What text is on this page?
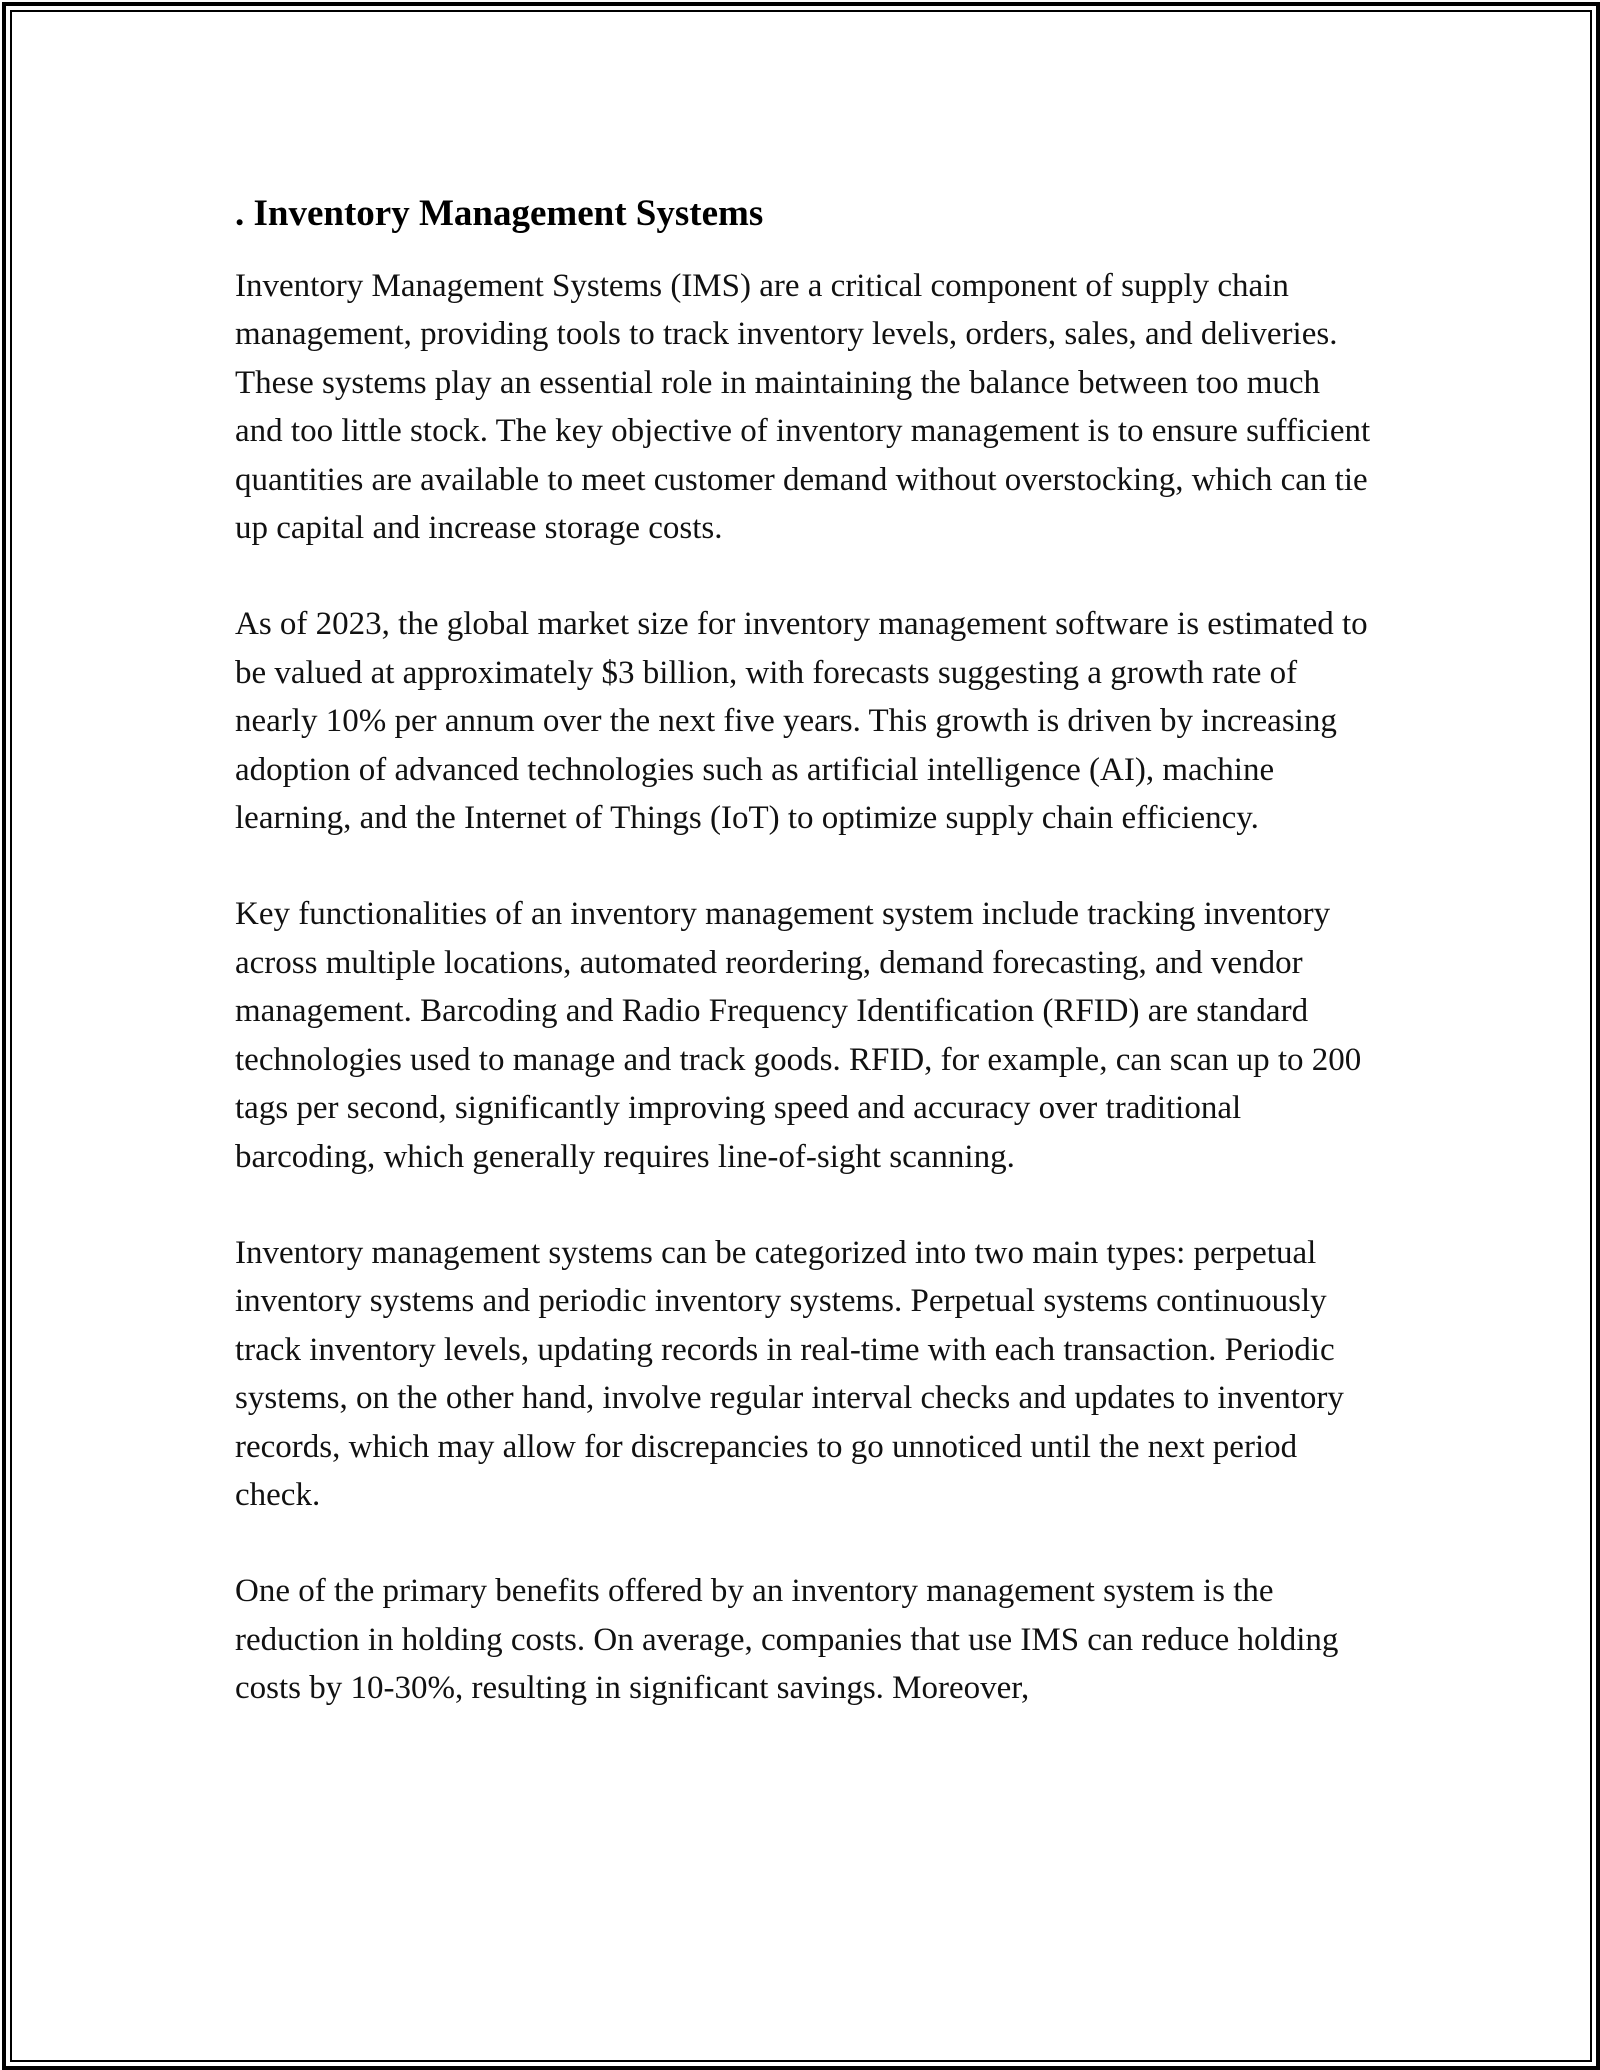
. Inventory Management Systems

Inventory Management Systems (IMS) are a critical component of supply chain management, providing tools to track inventory levels, orders, sales, and deliveries. These systems play an essential role in maintaining the balance between too much and too little stock. The key objective of inventory management is to ensure sufficient quantities are available to meet customer demand without overstocking, which can tie up capital and increase storage costs.

As of 2023, the global market size for inventory management software is estimated to be valued at approximately $3 billion, with forecasts suggesting a growth rate of nearly 10% per annum over the next five years. This growth is driven by increasing adoption of advanced technologies such as artificial intelligence (AI), machine learning, and the Internet of Things (IoT) to optimize supply chain efficiency.

Key functionalities of an inventory management system include tracking inventory across multiple locations, automated reordering, demand forecasting, and vendor management. Barcoding and Radio Frequency Identification (RFID) are standard technologies used to manage and track goods. RFID, for example, can scan up to 200 tags per second, significantly improving speed and accuracy over traditional barcoding, which generally requires line-of-sight scanning.

Inventory management systems can be categorized into two main types: perpetual inventory systems and periodic inventory systems. Perpetual systems continuously track inventory levels, updating records in real-time with each transaction. Periodic systems, on the other hand, involve regular interval checks and updates to inventory records, which may allow for discrepancies to go unnoticed until the next period check.

One of the primary benefits offered by an inventory management system is the reduction in holding costs. On average, companies that use IMS can reduce holding costs by 10-30%, resulting in significant savings. Moreover,
